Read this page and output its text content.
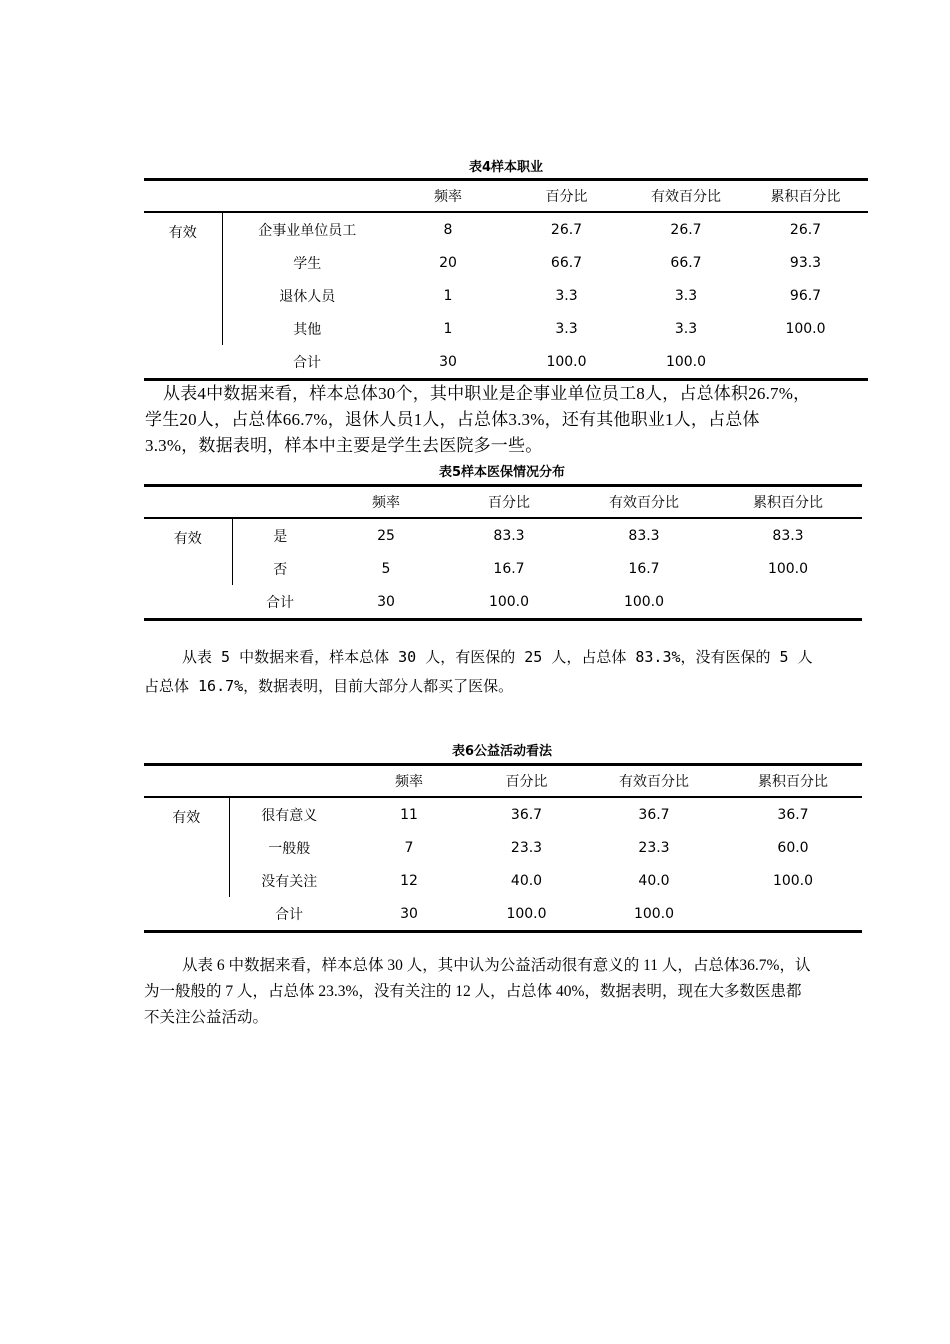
表4样本职业
		频率	百分比	有效百分比	累积百分比
有效	企事业单位员工	8	26.7	26.7	26.7
	学生	20	66.7	66.7	93.3
	退休人员	1	3.3	3.3	96.7
	其他	1	3.3	3.3	100.0
	合计	30	100.0	100.0	

从表4中数据来看，样本总体30个，其中职业是企事业单位员工8人，占总体积26.7%，学生20人，占总体66.7%，退休人员1人，占总体3.3%，还有其他职业1人，占总体3.3%，数据表明，样本中主要是学生去医院多一些。

表5样本医保情况分布
		频率	百分比	有效百分比	累积百分比
有效	是	25	83.3	83.3	83.3
	否	5	16.7	16.7	100.0
	合计	30	100.0	100.0	

从表 5 中数据来看，样本总体 30 人，有医保的 25 人，占总体 83.3%，没有医保的 5 人占总体 16.7%，数据表明，目前大部分人都买了医保。

表6公益活动看法
		频率	百分比	有效百分比	累积百分比
有效	很有意义	11	36.7	36.7	36.7
	一般般	7	23.3	23.3	60.0
	没有关注	12	40.0	40.0	100.0
	合计	30	100.0	100.0	

从表 6 中数据来看，样本总体 30 人，其中认为公益活动很有意义的 11 人，占总体36.7%，认为一般般的 7 人，占总体 23.3%，没有关注的 12 人，占总体 40%，数据表明，现在大多数医患都不关注公益活动。
